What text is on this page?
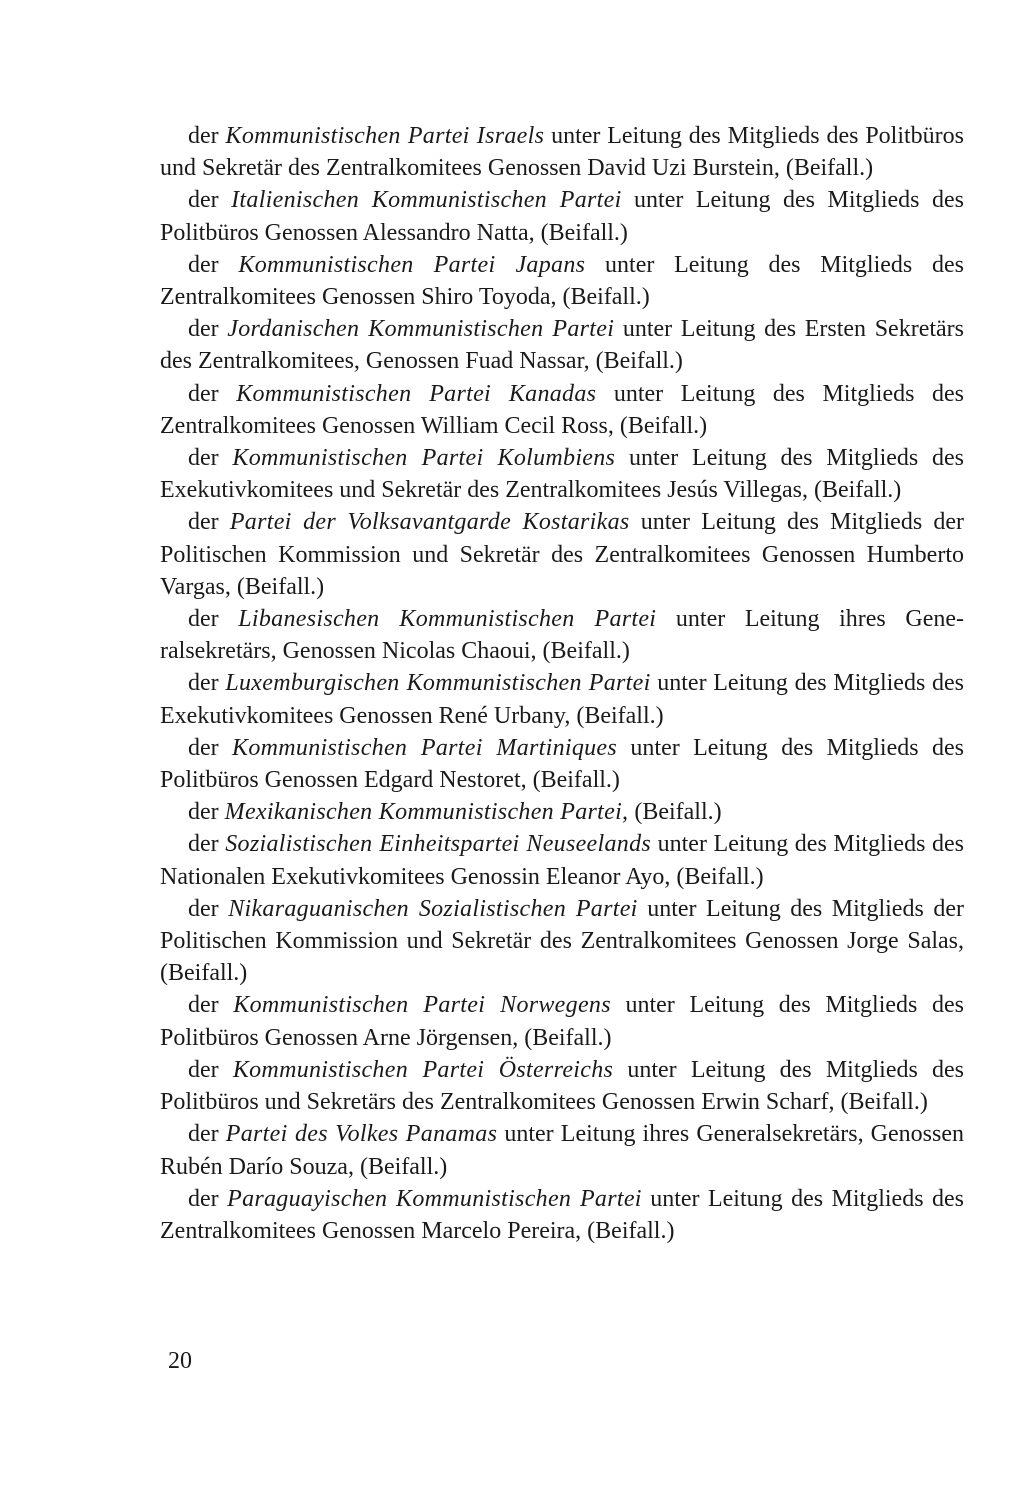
der Kommunistischen Partei Israels unter Leitung des Mitglieds des Politbüros und Sekretär des Zentralkomitees Genossen David Uzi Burstein, (Beifall.)

der Italienischen Kommunistischen Partei unter Leitung des Mitglieds des Politbüros Genossen Alessandro Natta, (Beifall.)

der Kommunistischen Partei Japans unter Leitung des Mitglieds des Zentralkomitees Genossen Shiro Toyoda, (Beifall.)

der Jordanischen Kommunistischen Partei unter Leitung des Ersten Sekretärs des Zentralkomitees, Genossen Fuad Nassar, (Beifall.)

der Kommunistischen Partei Kanadas unter Leitung des Mitglieds des Zentralkomitees Genossen William Cecil Ross, (Beifall.)

der Kommunistischen Partei Kolumbiens unter Leitung des Mitglieds des Exekutivkomitees und Sekretär des Zentralkomitees Jesús Villegas, (Beifall.)

der Partei der Volksavantgarde Kostarikas unter Leitung des Mitglieds der Politischen Kommission und Sekretär des Zentralkomitees Genossen Humberto Vargas, (Beifall.)

der Libanesischen Kommunistischen Partei unter Leitung ihres Generalsekretärs, Genossen Nicolas Chaoui, (Beifall.)

der Luxemburgischen Kommunistischen Partei unter Leitung des Mitglieds des Exekutivkomitees Genossen René Urbany, (Beifall.)

der Kommunistischen Partei Martiniques unter Leitung des Mitglieds des Politbüros Genossen Edgard Nestoret, (Beifall.)

der Mexikanischen Kommunistischen Partei, (Beifall.)

der Sozialistischen Einheitspartei Neuseelands unter Leitung des Mitglieds des Nationalen Exekutivkomitees Genossin Eleanor Ayo, (Beifall.)

der Nikaraguanischen Sozialistischen Partei unter Leitung des Mitglieds der Politischen Kommission und Sekretär des Zentralkomitees Genossen Jorge Salas, (Beifall.)

der Kommunistischen Partei Norwegens unter Leitung des Mitglieds des Politbüros Genossen Arne Jörgensen, (Beifall.)

der Kommunistischen Partei Österreichs unter Leitung des Mitglieds des Politbüros und Sekretärs des Zentralkomitees Genossen Erwin Scharf, (Beifall.)

der Partei des Volkes Panamas unter Leitung ihres Generalsekretärs, Genossen Rubén Darío Souza, (Beifall.)

der Paraguayischen Kommunistischen Partei unter Leitung des Mitglieds des Zentralkomitees Genossen Marcelo Pereira, (Beifall.)

20
